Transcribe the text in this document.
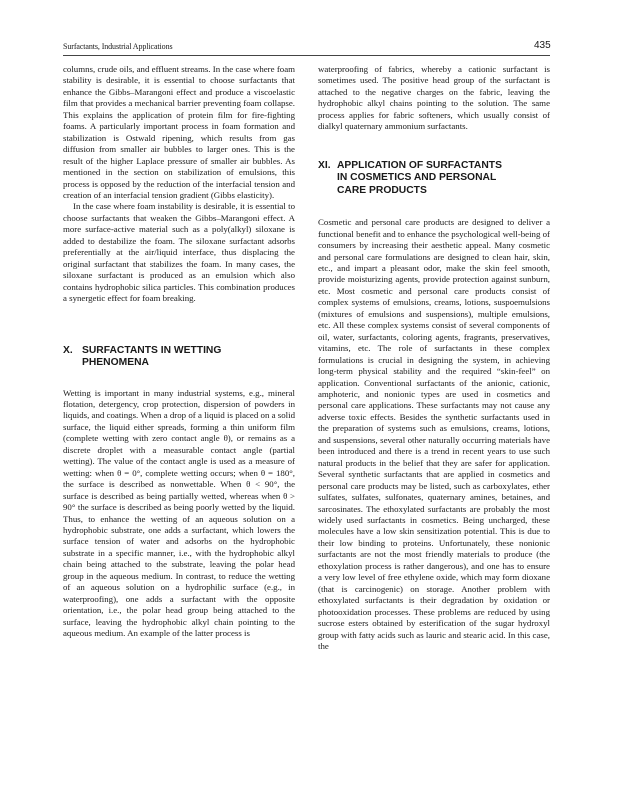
Surfactants, Industrial Applications	435

columns, crude oils, and effluent streams. In the case where foam stability is desirable, it is essential to choose surfactants that enhance the Gibbs–Marangoni effect and produce a viscoelastic film that provides a mechanical barrier preventing foam collapse. This explains the application of protein film for fire-fighting foams. A particularly important process in foam formation and stabilization is Ostwald ripening, which results from gas diffusion from smaller air bubbles to larger ones. This is the result of the higher Laplace pressure of smaller air bubbles. As mentioned in the section on stabilization of emulsions, this process is opposed by the reduction of the interfacial tension and creation of an interfacial tension gradient (Gibbs elasticity).

In the case where foam instability is desirable, it is essential to choose surfactants that weaken the Gibbs–Marangoni effect. A more surface-active material such as a poly(alkyl) siloxane is added to destabilize the foam. The siloxane surfactant adsorbs preferentially at the air/liquid interface, thus displacing the original surfactant that stabilizes the foam. In many cases, the siloxane surfactant is produced as an emulsion which also contains hydrophobic silica particles. This combination produces a synergetic effect for foam breaking.

X. SURFACTANTS IN WETTING
PHENOMENA

Wetting is important in many industrial systems, e.g., mineral flotation, detergency, crop protection, dispersion of powders in liquids, and coatings. When a drop of a liquid is placed on a solid surface, the liquid either spreads, forming a thin uniform film (complete wetting with zero contact angle θ), or remains as a discrete droplet with a measurable contact angle (partial wetting). The value of the contact angle is used as a measure of wetting: when θ = 0°, complete wetting occurs; when θ = 180°, the surface is described as nonwettable. When θ < 90°, the surface is described as being partially wetted, whereas when θ > 90° the surface is described as being poorly wetted by the liquid. Thus, to enhance the wetting of an aqueous solution on a hydrophobic substrate, one adds a surfactant, which lowers the surface tension of water and adsorbs on the hydrophobic substrate in a specific manner, i.e., with the hydrophobic alkyl chain being attached to the substrate, leaving the polar head group in the aqueous medium. In contrast, to reduce the wetting of an aqueous solution on a hydrophilic surface (e.g., in waterproofing), one adds a surfactant with the opposite orientation, i.e., the polar head group being attached to the surface, leaving the hydrophobic alkyl chain pointing to the aqueous medium. An example of the latter process is

waterproofing of fabrics, whereby a cationic surfactant is sometimes used. The positive head group of the surfactant is attached to the negative charges on the fabric, leaving the hydrophobic alkyl chains pointing to the solution. The same process applies for fabric softeners, which usually consist of dialkyl quaternary ammonium surfactants.

XI. APPLICATION OF SURFACTANTS
IN COSMETICS AND PERSONAL
CARE PRODUCTS

Cosmetic and personal care products are designed to deliver a functional benefit and to enhance the psychological well-being of consumers by increasing their aesthetic appeal. Many cosmetic and personal care formulations are designed to clean hair, skin, etc., and impart a pleasant odor, make the skin feel smooth, provide moisturizing agents, provide protection against sunburn, etc. Most cosmetic and personal care products consist of complex systems of emulsions, creams, lotions, suspoemulsions (mixtures of emulsions and suspensions), multiple emulsions, etc. All these complex systems consist of several components of oil, water, surfactants, coloring agents, fragrants, preservatives, vitamins, etc. The role of surfactants in these complex formulations is crucial in designing the system, in achieving long-term physical stability and the required “skin-feel” on application. Conventional surfactants of the anionic, cationic, amphoteric, and nonionic types are used in cosmetics and personal care applications. These surfactants may not cause any adverse toxic effects. Besides the synthetic surfactants used in the preparation of systems such as emulsions, creams, lotions, and suspensions, several other naturally occurring materials have been introduced and there is a trend in recent years to use such natural products in the belief that they are safer for application. Several synthetic surfactants that are applied in cosmetics and personal care products may be listed, such as carboxylates, ether sulfates, sulfates, sulfonates, quaternary amines, betaines, and sarcosinates. The ethoxylated surfactants are probably the most widely used surfactants in cosmetics. Being uncharged, these molecules have a low skin sensitization potential. This is due to their low binding to proteins. Unfortunately, these nonionic surfactants are not the most friendly materials to produce (the ethoxylation process is rather dangerous), and one has to ensure a very low level of free ethylene oxide, which may form dioxane (that is carcinogenic) on storage. Another problem with ethoxylated surfactants is their degradation by oxidation or photooxidation processes. These problems are reduced by using sucrose esters obtained by esterification of the sugar hydroxyl group with fatty acids such as lauric and stearic acid. In this case, the
